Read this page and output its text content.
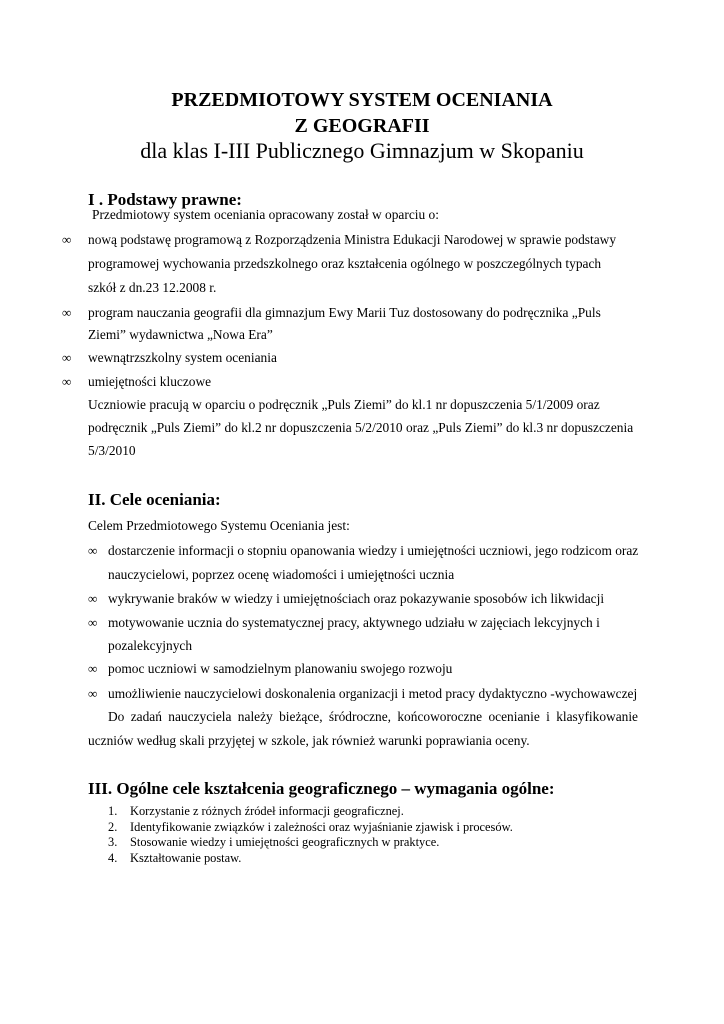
PRZEDMIOTOWY SYSTEM OCENIANIA
Z GEOGRAFII
dla klas I-III Publicznego Gimnazjum w Skopaniu
I . Podstawy prawne:
Przedmiotowy system oceniania opracowany został w oparciu o:
∞ nową podstawę programową z Rozporządzenia Ministra Edukacji Narodowej w sprawie podstawy
programowej wychowania przedszkolnego oraz kształcenia ogólnego w poszczególnych typach
szkół z dn.23 12.2008 r.
∞ program nauczania geografii dla gimnazjum Ewy Marii Tuz dostosowany do podręcznika „Puls
Ziemi” wydawnictwa „Nowa Era”
∞ wewnątrzszkolny system oceniania
∞ umiejętności kluczowe
Uczniowie pracują w oparciu o podręcznik „Puls Ziemi” do kl.1 nr dopuszczenia 5/1/2009 oraz
podręcznik „Puls Ziemi” do kl.2 nr dopuszczenia 5/2/2010 oraz „Puls Ziemi” do kl.3 nr dopuszczenia
5/3/2010
II. Cele oceniania:
Celem Przedmiotowego Systemu Oceniania jest:
∞ dostarczenie informacji o stopniu opanowania wiedzy i umiejętności uczniowi, jego rodzicom oraz
nauczycielowi, poprzez ocenę wiadomości i umiejętności ucznia
∞ wykrywanie braków w wiedzy i umiejętnościach oraz pokazywanie sposobów ich likwidacji
∞ motywowanie ucznia do systematycznej pracy, aktywnego udziału w zajęciach lekcyjnych i
pozalekcyjnych
∞ pomoc uczniowi w samodzielnym planowaniu swojego rozwoju
∞ umożliwienie nauczycielowi doskonalenia organizacji i metod pracy dydaktyczno -wychowawczej
Do zadań nauczyciela należy bieżące, śródroczne, końcoworoczne ocenianie i klasyfikowanie
uczniów według skali przyjętej w szkole, jak również warunki poprawiania oceny.
III. Ogólne cele kształcenia geograficznego – wymagania ogólne:
1. Korzystanie z różnych źródeł informacji geograficznej.
2. Identyfikowanie związków i zależności oraz wyjaśnianie zjawisk i procesów.
3. Stosowanie wiedzy i umiejętności geograficznych w praktyce.
4. Kształtowanie postaw.
